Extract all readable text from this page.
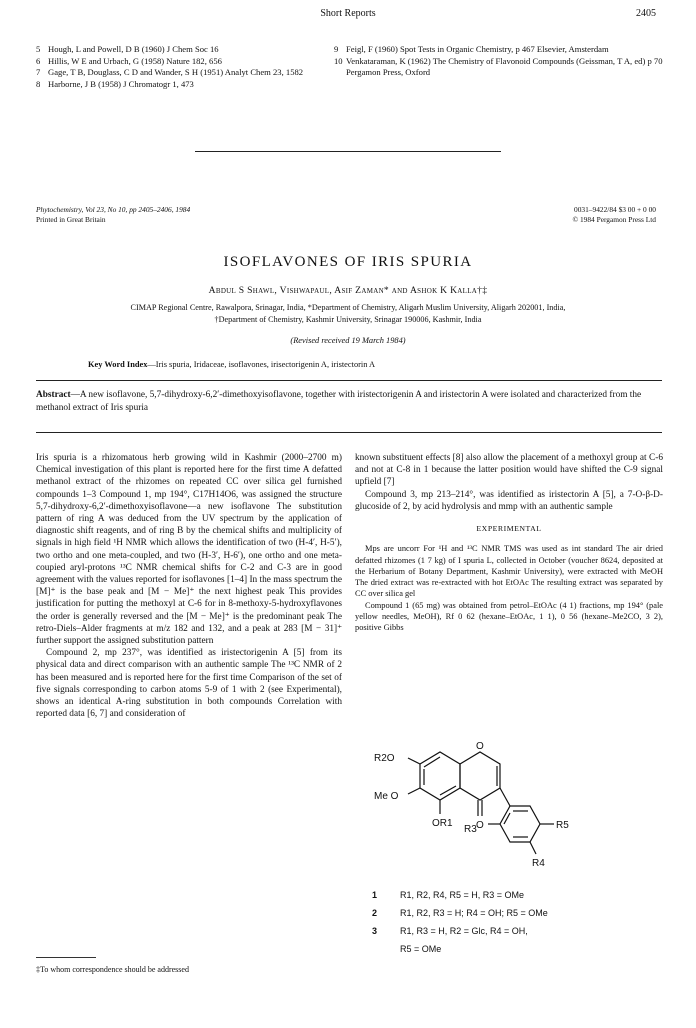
Short Reports	2405
5 Hough, L and Powell, D B (1960) J Chem Soc 16
6 Hillis, W E and Urbach, G (1958) Nature 182, 656
7 Gage, T B, Douglass, C D and Wander, S H (1951) Analyt Chem 23, 1582
8 Harborne, J B (1958) J Chromatogr 1, 473
9 Feigl, F (1960) Spot Tests in Organic Chemistry, p 467 Elsevier, Amsterdam
10 Venkataraman, K (1962) The Chemistry of Flavonoid Compounds (Geissman, T A, ed) p 70 Pergamon Press, Oxford
Phytochemistry, Vol 23, No 10, pp 2405–2406, 1984
Printed in Great Britain
0031–9422/84 $3 00 + 0 00
© 1984 Pergamon Press Ltd
ISOFLAVONES OF IRIS SPURIA
Abdul S Shawl, Vishwapaul, Asif Zaman* and Ashok K Kalla†‡
CIMAP Regional Centre, Rawalpora, Srinagar, India, *Department of Chemistry, Aligarh Muslim University, Aligarh 202001, India,
†Department of Chemistry, Kashmir University, Srinagar 190006, Kashmir, India
(Revised received 19 March 1984)
Key Word Index—Iris spuria, Iridaceae, isoflavones, irisectorigenin A, iristectorin A
Abstract—A new isoflavone, 5,7-dihydroxy-6,2′-dimethoxyisoflavone, together with iristectorigenin A and iristectorin A were isolated and characterized from the methanol extract of Iris spuria

Iris spuria is a rhizomatous herb growing wild in Kashmir (2000–2700 m) Chemical investigation of this plant is reported here for the first time A defatted methanol extract of the rhizomes on repeated CC over silica gel furnished compounds 1–3 Compound 1, mp 194°, C17H14O6, was assigned the structure 5,7-dihydroxy-6,2′-dimethoxyisoflavone—a new isoflavone The substitution pattern of ring A was deduced from the UV spectrum by the application of diagnostic shift reagents, and of ring B by the chemical shifts and multiplicity of signals in high field ¹H NMR which allows the identification of two (H-4′, H-5′), two ortho and one meta-coupled, and two (H-3′, H-6′), one ortho and one meta-coupied aryl-protons ¹³C NMR chemical shifts for C-2 and C-3 are in good agreement with the values reported for isoflavones [1–4] In the mass spectrum the [M]⁺ is the base peak and [M − Me]⁺ the next highest peak This provides justification for putting the methoxyl at C-6 for in 8-methoxy-5-hydroxyflavones the order is generally reversed and the [M − Me]⁺ is the predominant peak The retro-Diels–Alder fragments at m/z 182 and 132, and a peak at 283 [M − 31]⁺ further support the assigned substitution pattern

Compound 2, mp 237°, was identified as iristectorigenin A [5] from its physical data and direct comparison with an authentic sample The ¹³C NMR of 2 has been measured and is reported here for the first time Comparison of the set of five signals corresponding to carbon atoms 5-9 of 1 with 2 (see Experimental), shows an identical A-ring substitution in both compounds Correlation with reported data [6, 7] and consideration of

known substituent effects [8] also allow the placement of a methoxyl group at C-6 and not at C-8 in 1 because the latter position would have shifted the C-9 signal upfield [7]

Compound 3, mp 213–214°, was identified as iristectorin A [5], a 7-O-β-D-glucoside of 2, by acid hydrolysis and mmp with an authentic sample

EXPERIMENTAL

Mps are uncorr For ¹H and ¹³C NMR TMS was used as int standard The air dried defatted rhizomes (1 7 kg) of I spuria L, collected in October (voucher 8624, deposited at the Herbarium of Botany Department, Kashmir University), were extracted with MeOH The dried extract was re-extracted with hot EtOAc The resulting extract was separated by CC over silica gel

Compound 1 (65 mg) was obtained from petrol–EtOAc (4 1) fractions, mp 194° (pale yellow needles, MeOH), Rf 0 62 (hexane–EtOAc, 1 1), 0 56 (hexane–Me2CO, 3 2), positive Gibbs

R2O
Me O
OR1
O
O
R3	R5
R4
1	R1, R2, R4, R5 = H, R3 = OMe
2	R1, R2, R3 = H; R4 = OH; R5 = OMe
3	R1, R3 = H, R2 = Glc, R4 = OH,
R5 = OMe
‡To whom correspondence should be addressed
